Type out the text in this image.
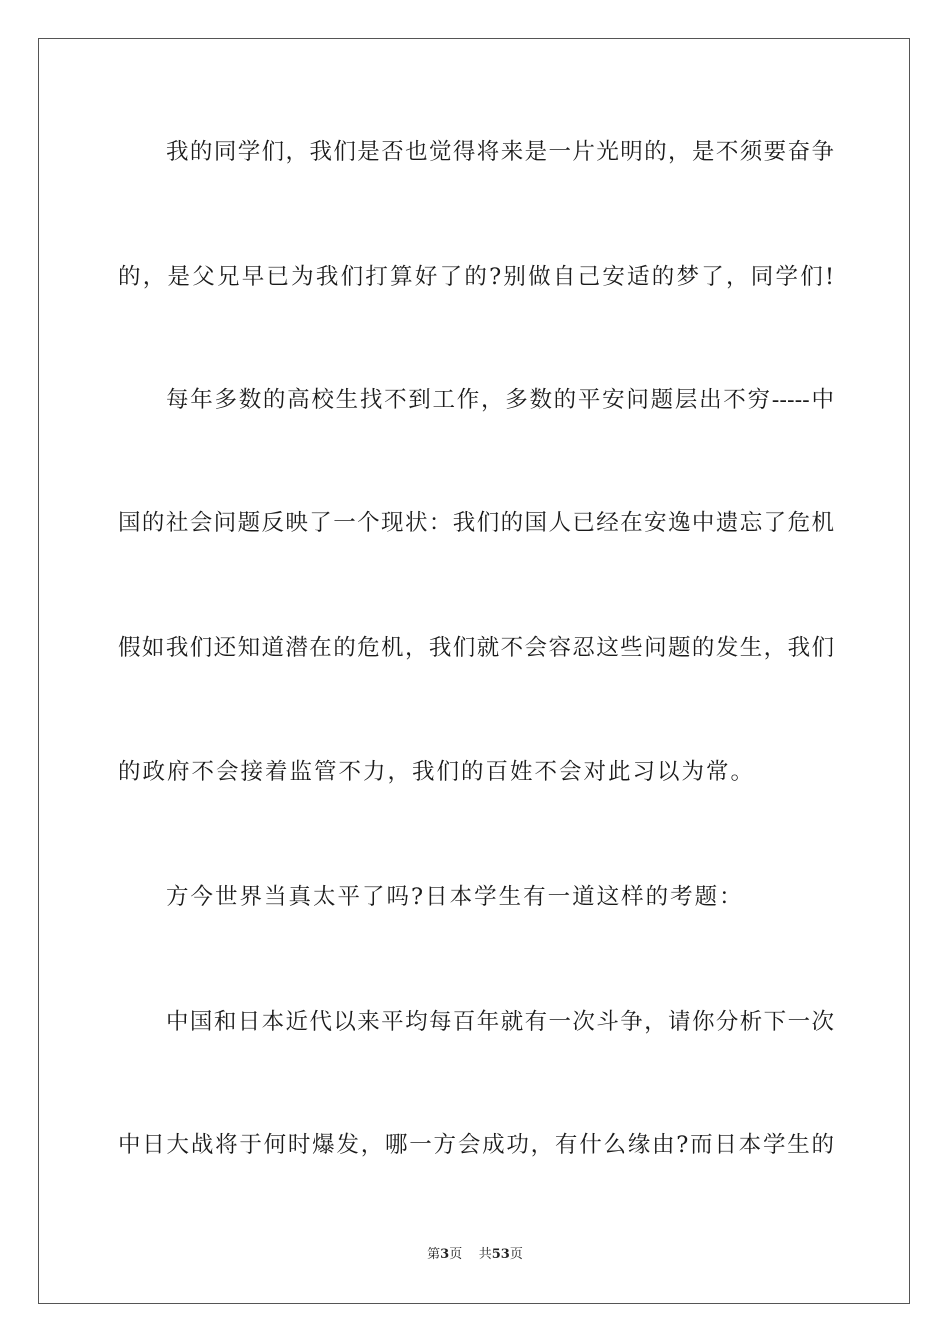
我的同学们，我们是否也觉得将来是一片光明的，是不须要奋争
的，是父兄早已为我们打算好了的?别做自己安适的梦了，同学们!
每年多数的高校生找不到工作，多数的平安问题层出不穷-----中
国的社会问题反映了一个现状：我们的国人已经在安逸中遗忘了危机
假如我们还知道潜在的危机，我们就不会容忍这些问题的发生，我们
的政府不会接着监管不力，我们的百姓不会对此习以为常。
方今世界当真太平了吗?日本学生有一道这样的考题：
中国和日本近代以来平均每百年就有一次斗争，请你分析下一次
中日大战将于何时爆发，哪一方会成功，有什么缘由?而日本学生的
第3页 共53页
